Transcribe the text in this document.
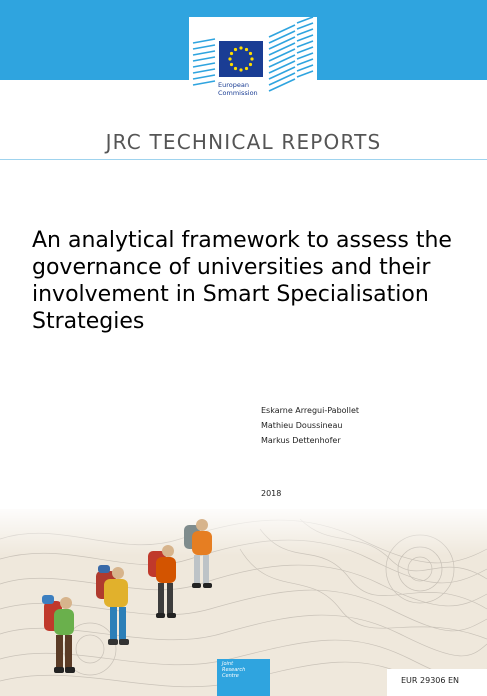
European
Commission
JRC TECHNICAL REPORTS
An analytical framework to assess the governance of universities and their involvement in Smart Specialisation Strategies
Eskarne Arregui-Pabollet
Mathieu Doussineau
Markus Dettenhofer
2018
Joint
Research
Centre	EUR 29306 EN
